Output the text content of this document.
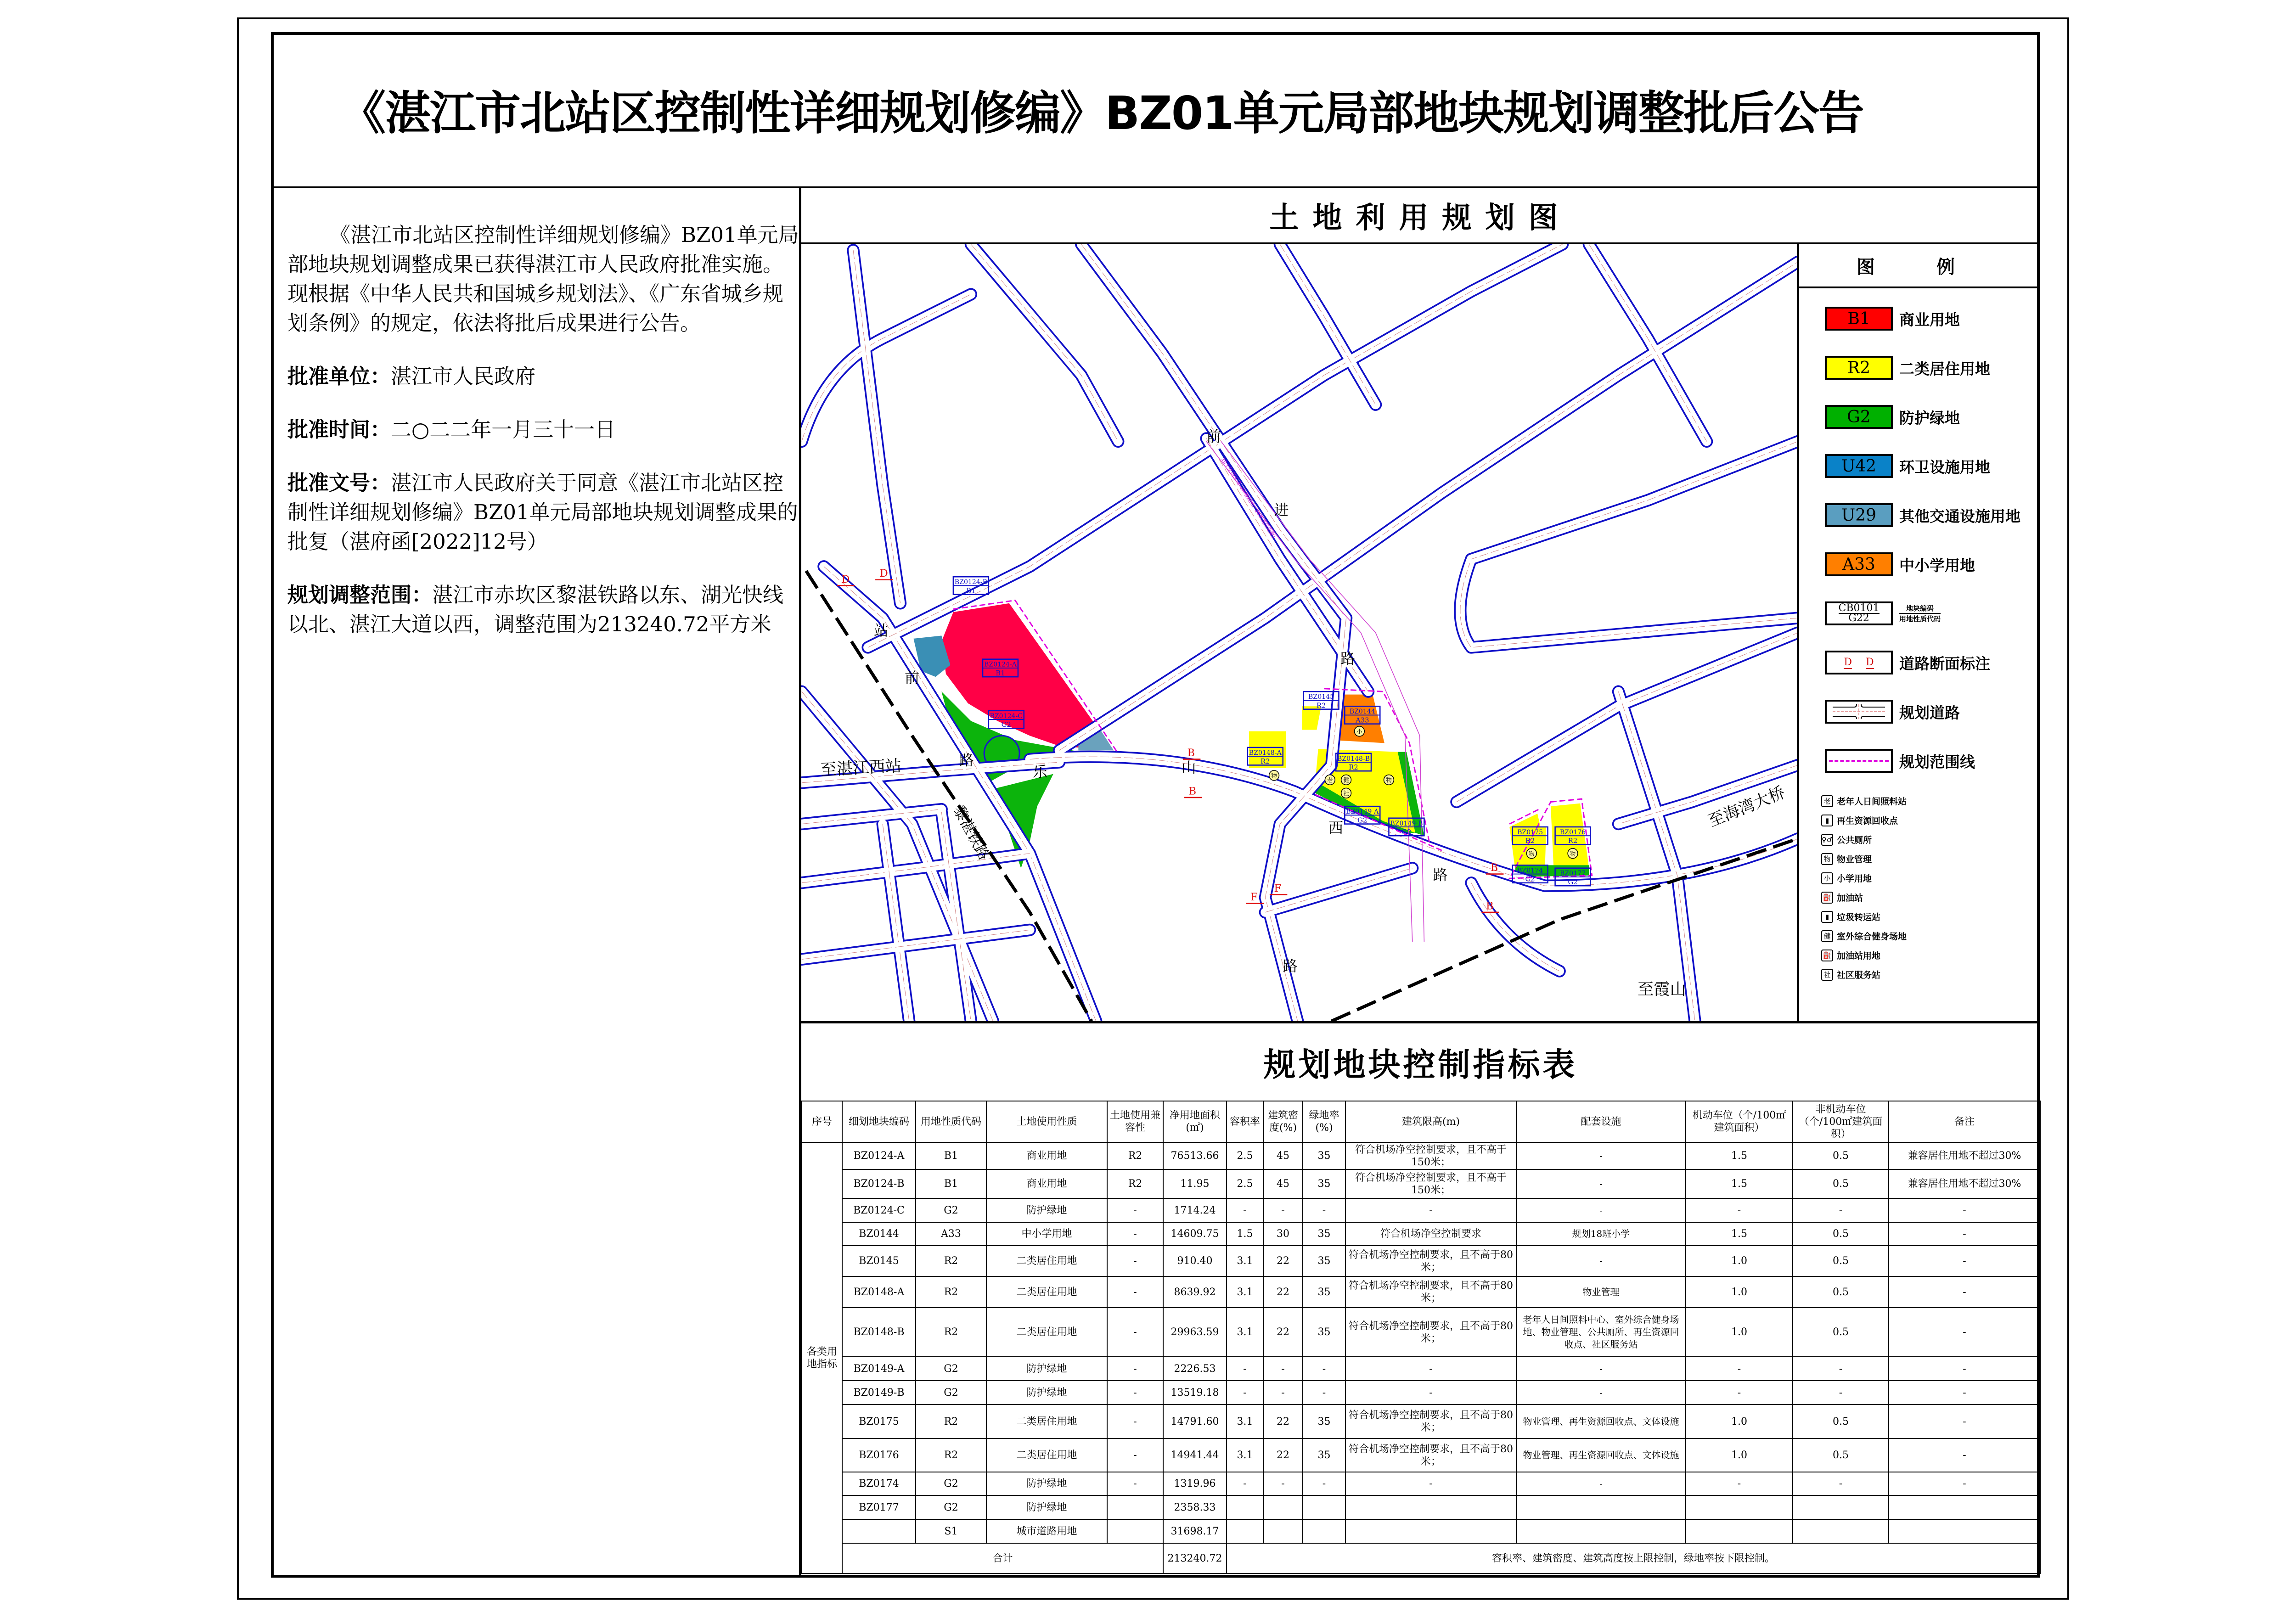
《湛江市北站区控制性详细规划修编》BZ01单元局部地块规划调整批后公告

《湛江市北站区控制性详细规划修编》BZ01单元局部地块规划调整成果已获得湛江市人民政府批准实施。现根据《中华人民共和国城乡规划法》、《广东省城乡规划条例》的规定，依法将批后成果进行公告。

批准单位：湛江市人民政府

批准时间：二○二二年一月三十一日

批准文号：湛江市人民政府关于同意《湛江市北站区控制性详细规划修编》BZ01单元局部地块规划调整成果的批复（湛府函[2022]12号）

规划调整范围：湛江市赤坎区黎湛铁路以东、湖光快线以北、湛江大道以西，调整范围为213240.72平方米

土地利用规划图
至湛江西站
至海湾大桥
至霞山
站
前
路
乐	山
西
路
前
进
路
路
黎湛铁路
10千伏高压线（同塔双回，24米高压走廊）
D	D
B
B
B
B
F
F
BZ0124-A
B1
BZ0124-B
B1
BZ0124-C
G2
BZ0145
R2
BZ0144
A33
BZ0148-A
R2	BZ0148-B
R2
BZ0149-A
G2	BZ0149-B
G2	BZ0175
R2
BZ0176
R2
BZ0174
G2
BZ0177
G2
物
小
老	健	物
社
物	物
图 例
B1	商业用地
R2	二类居住用地
G2	防护绿地
U42	环卫设施用地
U29	其他交通设施用地
A33	中小学用地
CB0101
G22
地块编码
用地性质代码
D D 道路断面标注
规划道路
规划范围线
老 老年人日间照料站
▮ 再生资源回收点
♀♂ 公共厕所
物 物业管理
小 小学用地
⛽ 加油站
▮ 垃圾转运站
健 室外综合健身场地
⛽ 加油站用地
社 社区服务站
规划地块控制指标表
序号	细划地块编码	用地性质代码	土地使用性质	土地使用兼容性	净用地面积(㎡)	容积率	建筑密度(%)	绿地率(%)	建筑限高(m)	配套设施	机动车位（个/100㎡建筑面积）	非机动车位（个/100㎡建筑面积）	备注
各类用地指标	BZ0124-A	B1	商业用地	R2	76513.66	2.5	45	35	符合机场净空控制要求，且不高于150米；	-	1.5	0.5	兼容居住用地不超过30%
	BZ0124-B	B1	商业用地	R2	11.95	2.5	45	35	符合机场净空控制要求，且不高于150米；	-	1.5	0.5	兼容居住用地不超过30%
	BZ0124-C	G2	防护绿地	-	1714.24	-	-	-	-	-	-	-	-
	BZ0144	A33	中小学用地	-	14609.75	1.5	30	35	符合机场净空控制要求	规划18班小学	1.5	0.5	-
	BZ0145	R2	二类居住用地	-	910.40	3.1	22	35	符合机场净空控制要求，且不高于80米；	-	1.0	0.5	-
	BZ0148-A	R2	二类居住用地	-	8639.92	3.1	22	35	符合机场净空控制要求，且不高于80米；	物业管理	1.0	0.5	-
	BZ0148-B	R2	二类居住用地	-	29963.59	3.1	22	35	符合机场净空控制要求，且不高于80米；	老年人日间照料中心、室外综合健身场地、物业管理、公共厕所、再生资源回收点、社区服务站	1.0	0.5	-
	BZ0149-A	G2	防护绿地	-	2226.53	-	-	-	-	-	-	-	-
	BZ0149-B	G2	防护绿地	-	13519.18	-	-	-	-	-	-	-	-
	BZ0175	R2	二类居住用地	-	14791.60	3.1	22	35	符合机场净空控制要求，且不高于80米；	物业管理、再生资源回收点、文体设施	1.0	0.5	-
	BZ0176	R2	二类居住用地	-	14941.44	3.1	22	35	符合机场净空控制要求，且不高于80米；	物业管理、再生资源回收点、文体设施	1.0	0.5	-
	BZ0174	G2	防护绿地	-	1319.96	-	-	-	-	-	-	-	-
	BZ0177	G2	防护绿地		2358.33								
		S1	城市道路用地		31698.17								
	合计				213240.72	容积率、建筑密度、建筑高度按上限控制，绿地率按下限控制。							
